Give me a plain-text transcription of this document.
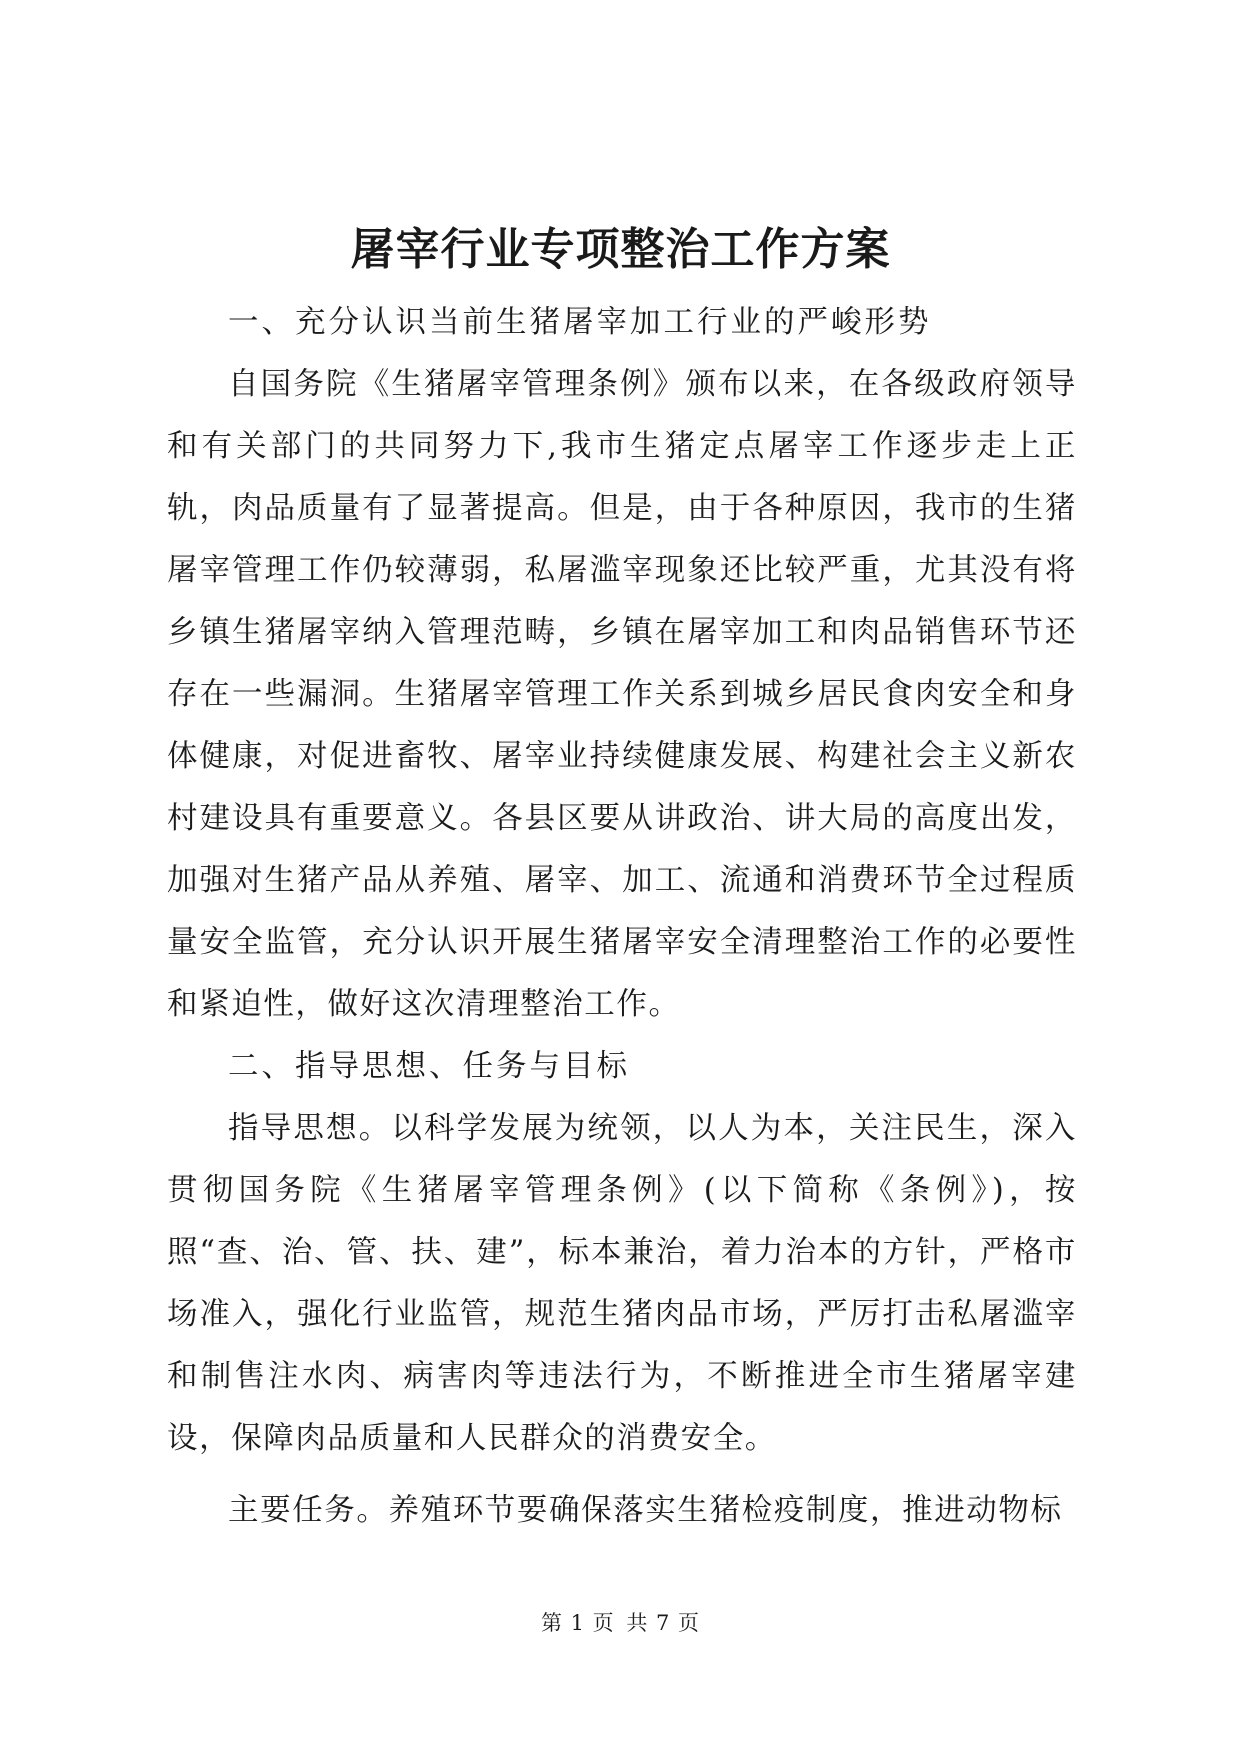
屠宰行业专项整治工作方案

一、充分认识当前生猪屠宰加工行业的严峻形势

自国务院《生猪屠宰管理条例》颁布以来，在各级政府领导和有关部门的共同努力下,我市生猪定点屠宰工作逐步走上正轨，肉品质量有了显著提高。但是，由于各种原因，我市的生猪屠宰管理工作仍较薄弱，私屠滥宰现象还比较严重，尤其没有将乡镇生猪屠宰纳入管理范畴，乡镇在屠宰加工和肉品销售环节还存在一些漏洞。生猪屠宰管理工作关系到城乡居民食肉安全和身体健康，对促进畜牧、屠宰业持续健康发展、构建社会主义新农村建设具有重要意义。各县区要从讲政治、讲大局的高度出发，加强对生猪产品从养殖、屠宰、加工、流通和消费环节全过程质量安全监管，充分认识开展生猪屠宰安全清理整治工作的必要性和紧迫性，做好这次清理整治工作。

二、指导思想、任务与目标

指导思想。以科学发展为统领，以人为本，关注民生，深入贯彻国务院《生猪屠宰管理条例》(以下简称《条例》)，按照“查、治、管、扶、建”，标本兼治，着力治本的方针，严格市场准入，强化行业监管，规范生猪肉品市场，严厉打击私屠滥宰和制售注水肉、病害肉等违法行为，不断推进全市生猪屠宰建设，保障肉品质量和人民群众的消费安全。

主要任务。养殖环节要确保落实生猪检疫制度，推进动物标

第 1 页 共 7 页
